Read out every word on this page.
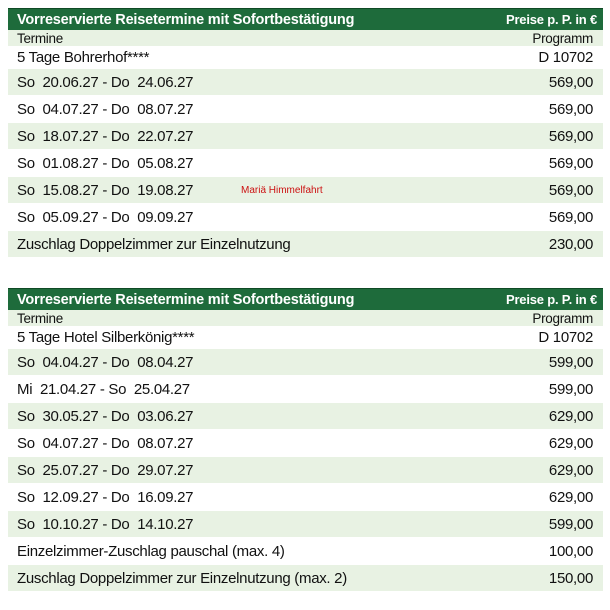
Vorreservierte Reisetermine mit Sofortbestätigung	Preise p. P. in €
Termine	Programm
5 Tage Bohrerhof****	D 10702
So  20.06.27 - Do  24.06.27	569,00
So  04.07.27 - Do  08.07.27	569,00
So  18.07.27 - Do  22.07.27	569,00
So  01.08.27 - Do  05.08.27	569,00
So  15.08.27 - Do  19.08.27	Mariä Himmelfahrt	569,00
So  05.09.27 - Do  09.09.27	569,00
Zuschlag Doppelzimmer zur Einzelnutzung	230,00
Vorreservierte Reisetermine mit Sofortbestätigung	Preise p. P. in €
Termine	Programm
5 Tage Hotel Silberkönig****	D 10702
So  04.04.27 - Do  08.04.27	599,00
Mi  21.04.27 - So  25.04.27	599,00
So  30.05.27 - Do  03.06.27	629,00
So  04.07.27 - Do  08.07.27	629,00
So  25.07.27 - Do  29.07.27	629,00
So  12.09.27 - Do  16.09.27	629,00
So  10.10.27 - Do  14.10.27	599,00
Einzelzimmer-Zuschlag pauschal (max. 4)	100,00
Zuschlag Doppelzimmer zur Einzelnutzung (max. 2)	150,00
